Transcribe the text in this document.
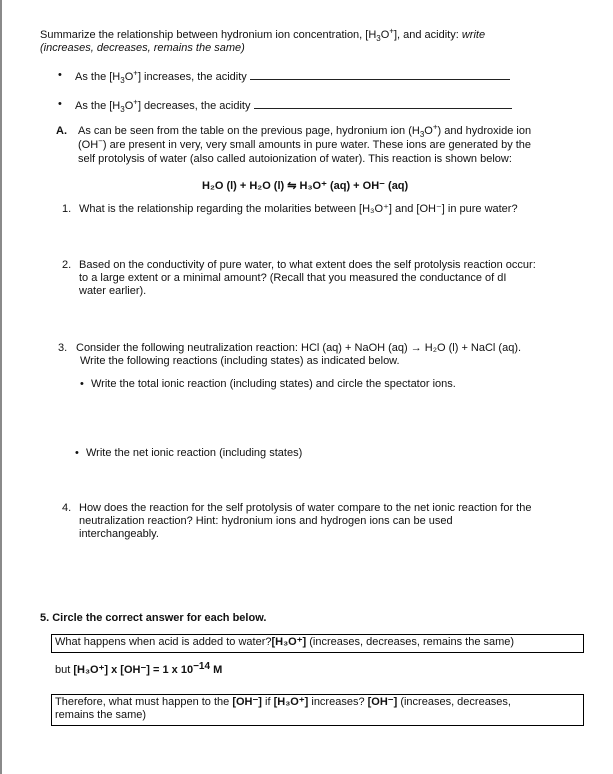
Summarize the relationship between hydronium ion concentration, $[H_3O^+]$, and acidity: write
(increases, decreases, remains the same)
• As the $[H_3O^+]$ increases, the acidity
• As the $[H_3O^+]$ decreases, the acidity
A. As can be seen from the table on the previous page, hydronium ion $(H_3O^+)$ and hydroxide ion
(OH−) are present in very, very small amounts in pure water. These ions are generated by the
self protolysis of water (also called autoionization of water). This reaction is shown below:
H₂O (l) + H₂O (l) ⇋ H₃O⁺ (aq) + OH⁻ (aq)
1. What is the relationship regarding the molarities between [H₃O⁺] and [OH⁻] in pure water?
2. Based on the conductivity of pure water, to what extent does the self protolysis reaction occur:
to a large extent or a minimal amount? (Recall that you measured the conductance of dI
water earlier).
3. Consider the following neutralization reaction: HCl (aq) + NaOH (aq) → H₂O (l) + NaCl (aq).
Write the following reactions (including states) as indicated below.
• Write the total ionic reaction (including states) and circle the spectator ions.
• Write the net ionic reaction (including states)
4. How does the reaction for the self protolysis of water compare to the net ionic reaction for the
neutralization reaction? Hint: hydronium ions and hydrogen ions can be used
interchangeably.
5. Circle the correct answer for each below.
What happens when acid is added to water?[H₃O⁺] (increases, decreases, remains the same)
but [H₃O⁺] x [OH⁻] = 1 x 10−14 M
Therefore, what must happen to the [OH⁻] if [H₃O⁺] increases? [OH⁻] (increases, decreases,
remains the same)
